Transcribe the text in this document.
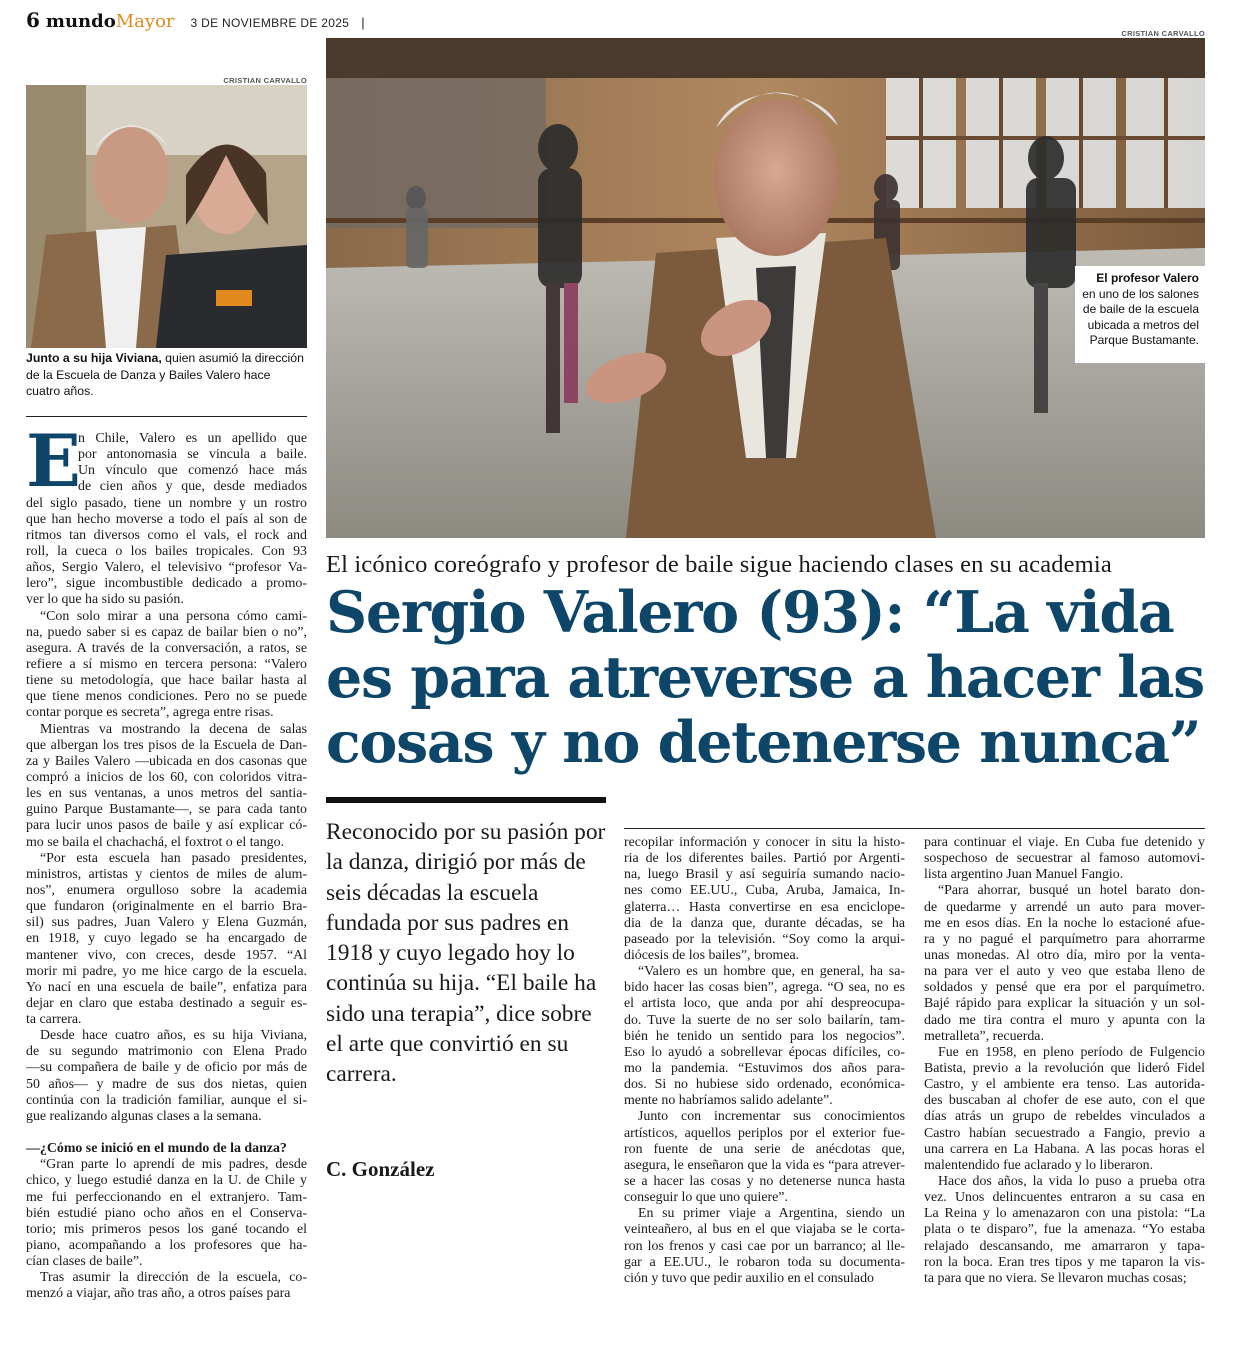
6 mundo Mayor 3 DE NOVIEMBRE DE 2025 |
CRISTIAN CARVALLO
CRISTIAN CARVALLO
El profesor Valero
en uno de los salones
de baile de la escuela
ubicada a metros del
Parque Bustamante.
Junto a su hija Viviana, quien asumió la dirección de la Escuela de Danza y Bailes Valero hace cuatro años.
El icónico coreógrafo y profesor de baile sigue haciendo clases en su academia
Sergio Valero (93): “La vida
es para atreverse a hacer las
cosas y no detenerse nunca”
Reconocido por su pasión por la danza, dirigió por más de seis décadas la escuela fundada por sus padres en 1918 y cuyo legado hoy lo continúa su hija. “El baile ha sido una terapia”, dice sobre el arte que convirtió en su carrera.
C. González
E

n Chile, Valero es un apellido que

por antonomasia se vincula a baile.

Un vínculo que comenzó hace más

de cien años y que, desde mediados

del siglo pasado, tiene un nombre y un rostro

que han hecho moverse a todo el país al son de

ritmos tan diversos como el vals, el rock and

roll, la cueca o los bailes tropicales. Con 93

años, Sergio Valero, el televisivo “profesor Va-

lero”, sigue incombustible dedicado a promo-

ver lo que ha sido su pasión.

“Con solo mirar a una persona cómo cami-

na, puedo saber si es capaz de bailar bien o no”,

asegura. A través de la conversación, a ratos, se

refiere a sí mismo en tercera persona: “Valero

tiene su metodología, que hace bailar hasta al

que tiene menos condiciones. Pero no se puede

contar porque es secreta”, agrega entre risas.

Mientras va mostrando la decena de salas

que albergan los tres pisos de la Escuela de Dan-

za y Bailes Valero —ubicada en dos casonas que

compró a inicios de los 60, con coloridos vitra-

les en sus ventanas, a unos metros del santia-

guino Parque Bustamante—, se para cada tanto

para lucir unos pasos de baile y así explicar có-

mo se baila el chachachá, el foxtrot o el tango.

“Por esta escuela han pasado presidentes,

ministros, artistas y cientos de miles de alum-

nos”, enumera orgulloso sobre la academia

que fundaron (originalmente en el barrio Bra-

sil) sus padres, Juan Valero y Elena Guzmán,

en 1918, y cuyo legado se ha encargado de

mantener vivo, con creces, desde 1957. “Al

morir mi padre, yo me hice cargo de la escuela.

Yo nací en una escuela de baile”, enfatiza para

dejar en claro que estaba destinado a seguir es-

ta carrera.

Desde hace cuatro años, es su hija Viviana,

de su segundo matrimonio con Elena Prado

—su compañera de baile y de oficio por más de

50 años— y madre de sus dos nietas, quien

continúa con la tradición familiar, aunque el si-

gue realizando algunas clases a la semana.

—¿Cómo se inició en el mundo de la danza?

“Gran parte lo aprendí de mis padres, desde

chico, y luego estudié danza en la U. de Chile y

me fui perfeccionando en el extranjero. Tam-

bién estudié piano ocho años en el Conserva-

torio; mis primeros pesos los gané tocando el

piano, acompañando a los profesores que ha-

cían clases de baile”.

Tras asumir la dirección de la escuela, co-

menzó a viajar, año tras año, a otros países para

recopilar información y conocer in situ la histo-

ria de los diferentes bailes. Partió por Argenti-

na, luego Brasil y así seguiría sumando nacio-

nes como EE.UU., Cuba, Aruba, Jamaica, In-

glaterra… Hasta convertirse en esa enciclope-

dia de la danza que, durante décadas, se ha

paseado por la televisión. “Soy como la arqui-

diócesis de los bailes”, bromea.

“Valero es un hombre que, en general, ha sa-

bido hacer las cosas bien”, agrega. “O sea, no es

el artista loco, que anda por ahí despreocupa-

do. Tuve la suerte de no ser solo bailarín, tam-

bién he tenido un sentido para los negocios”.

Eso lo ayudó a sobrellevar épocas difíciles, co-

mo la pandemia. “Estuvimos dos años para-

dos. Si no hubiese sido ordenado, económica-

mente no habríamos salido adelante”.

Junto con incrementar sus conocimientos

artísticos, aquellos periplos por el exterior fue-

ron fuente de una serie de anécdotas que,

asegura, le enseñaron que la vida es “para atrever-

se a hacer las cosas y no detenerse nunca hasta

conseguir lo que uno quiere”.

En su primer viaje a Argentina, siendo un

veinteañero, al bus en el que viajaba se le corta-

ron los frenos y casi cae por un barranco; al lle-

gar a EE.UU., le robaron toda su documenta-

ción y tuvo que pedir auxilio en el consulado

para continuar el viaje. En Cuba fue detenido y

sospechoso de secuestrar al famoso automovi-

lista argentino Juan Manuel Fangio.

“Para ahorrar, busqué un hotel barato don-

de quedarme y arrendé un auto para mover-

me en esos días. En la noche lo estacioné afue-

ra y no pagué el parquímetro para ahorrarme

unas monedas. Al otro día, miro por la venta-

na para ver el auto y veo que estaba lleno de

soldados y pensé que era por el parquímetro.

Bajé rápido para explicar la situación y un sol-

dado me tira contra el muro y apunta con la

metralleta”, recuerda.

Fue en 1958, en pleno período de Fulgencio

Batista, previo a la revolución que lideró Fidel

Castro, y el ambiente era tenso. Las autorida-

des buscaban al chofer de ese auto, con el que

días atrás un grupo de rebeldes vinculados a

Castro habían secuestrado a Fangio, previo a

una carrera en La Habana. A las pocas horas el

malentendido fue aclarado y lo liberaron.

Hace dos años, la vida lo puso a prueba otra

vez. Unos delincuentes entraron a su casa en

La Reina y lo amenazaron con una pistola: “La

plata o te disparo”, fue la amenaza. “Yo estaba

relajado descansando, me amarraron y tapa-

ron la boca. Eran tres tipos y me taparon la vis-

ta para que no viera. Se llevaron muchas cosas;
